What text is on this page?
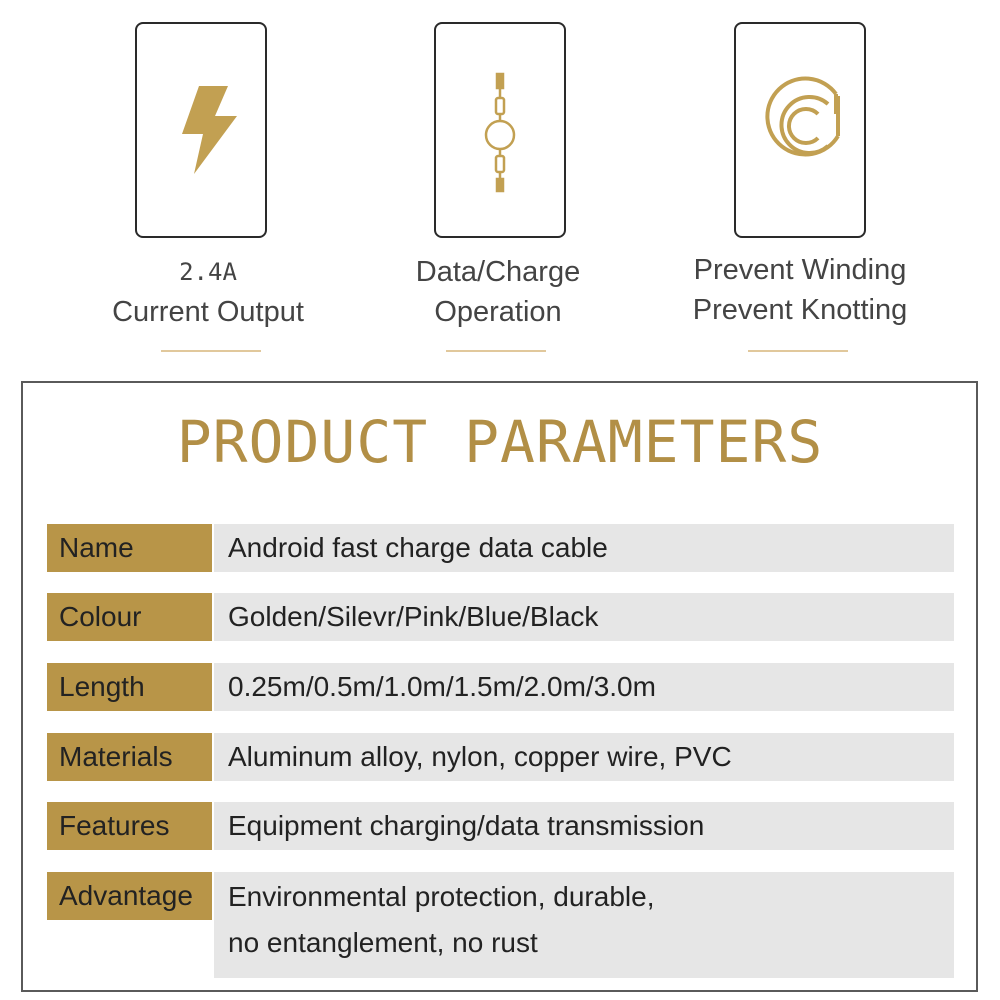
2.4A
Current Output
Data/Charge
Operation
Prevent Winding
Prevent Knotting
PRODUCT PARAMETERS
Name	Android fast charge data cable
Colour	Golden/Silevr/Pink/Blue/Black
Length	0.25m/0.5m/1.0m/1.5m/2.0m/3.0m
Materials	Aluminum alloy, nylon, copper wire, PVC
Features	Equipment charging/data transmission
Advantage	Environmental protection, durable,
no entanglement, no rust
